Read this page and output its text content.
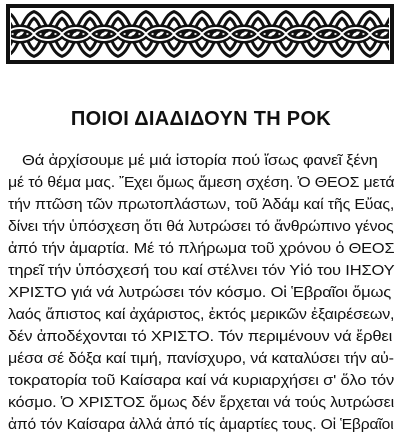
ΠΟΙΟΙ ΔΙΑΔΙΔΟΥΝ ΤΗ ΡΟΚ
Θά ἀρχίσουμε μέ μιά ἱστορία πού ἴσως φανεῖ ξένη
μέ τό θέμα μας. Ἔχει ὅμως ἄμεση σχέση. Ὁ ΘΕΟΣ μετά
τήν πτῶση τῶν πρωτοπλάστων, τοῦ Ἀδάμ καί τῆς Εὔας,
δίνει τήν ὑπόσχεση ὅτι θά λυτρώσει τό ἄνθρώπινο γένος
ἀπό τήν ἁμαρτία. Μέ τό πλήρωμα τοῦ χρόνου ὁ ΘΕΟΣ
τηρεῖ τήν ὑπόσχεσή του καί στέλνει τόν Υἱό του ΙΗΣΟΥ
ΧΡΙΣΤΟ γιά νά λυτρώσει τόν κόσμο. Οἱ Ἑβραῖοι ὅμως
λαός ἄπιστος καί ἀχάριστος, ἐκτός μερικῶν ἐξαιρέσεων,
δέν ἀποδέχονται τό ΧΡΙΣΤΟ. Τόν περιμένουν νά ἔρθει
μέσα σέ δόξα καί τιμή, πανίσχυρο, νά καταλύσει τήν αὐ-
τοκρατορία τοῦ Καίσαρα καί νά κυριαρχήσει σ' ὅλο τόν
κόσμο. Ὁ ΧΡΙΣΤΟΣ ὅμως δέν ἔρχεται νά τούς λυτρώσει
ἀπό τόν Καίσαρα ἀλλά ἀπό τίς ἁμαρτίες τους. Οἱ Ἑβραῖοι
